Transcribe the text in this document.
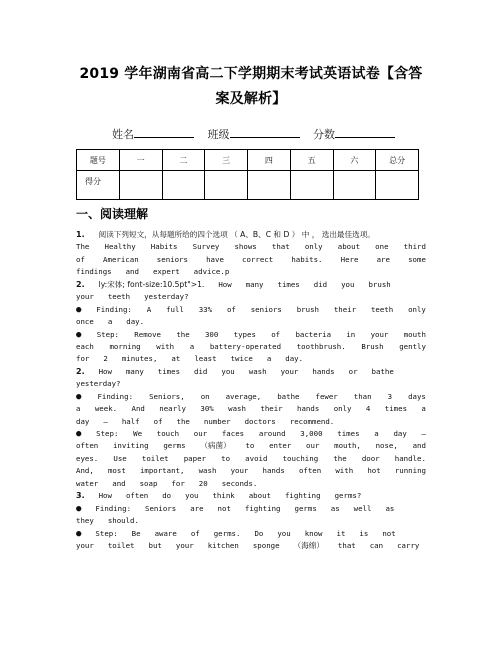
2019 学年湖南省高二下学期期末考试英语试卷【含答
案及解析】
姓名	班级	分数
题号	一	二	三	四	五	六	总分
得分							
一、阅读理解
1. 阅读下列短文，从每题所给的四个选项 （ A、B、C 和 D ） 中 ， 选出最佳选项。
The Healthy Habits Survey shows that only about one third
of American seniors have correct habits. Here are some
findings and expert advice.p
2. ly:宋体; font-size:10.5pt">1. How many times did you brush
your teeth yesterday?
● Finding: A full 33% of seniors brush their teeth only
once a day.
● Step: Remove the 300 types of bacteria in your mouth
each morning with a battery-operated toothbrush. Brush gently
for 2 minutes, at least twice a day.
2. How many times did you wash your hands or bathe
yesterday?
● Finding: Seniors, on average, bathe fewer than 3 days
a week. And nearly 30% wash their hands only 4 times a
day — half of the number doctors recommend.
● Step: We touch our faces around 3,000 times a day —
often inviting germs （病菌） to enter our mouth, nose, and
eyes. Use toilet paper to avoid touching the door handle.
And, most important, wash your hands often with hot running
water and soap for 20 seconds.
3. How often do you think about fighting germs?
● Finding: Seniors are not fighting germs as well as
they should.
● Step: Be aware of germs. Do you know it is not
your toilet but your kitchen sponge （海绵） that can carry
